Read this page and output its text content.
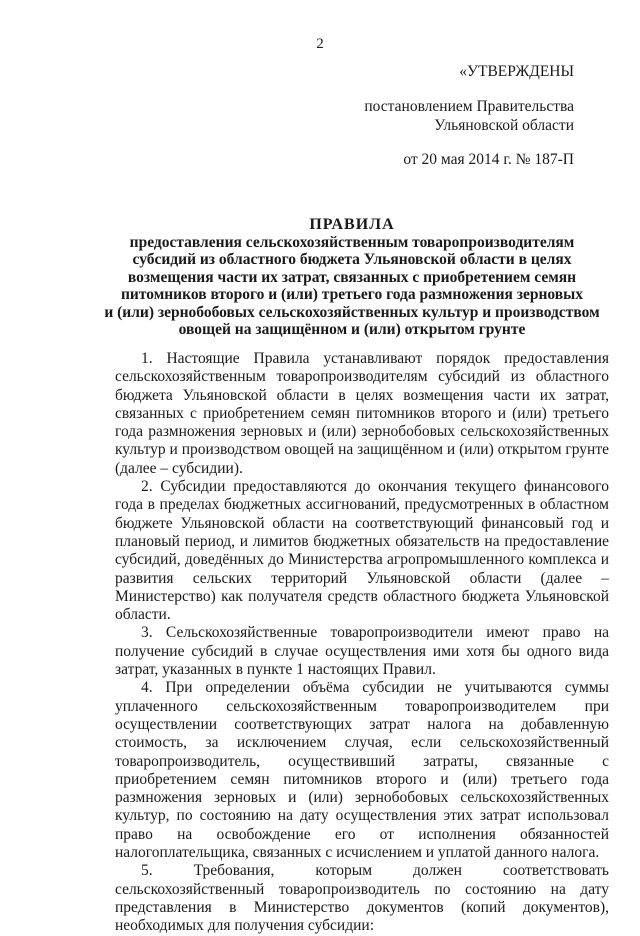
2
«УТВЕРЖДЕНЫ
постановлением Правительства
Ульяновской области
от 20 мая 2014 г. № 187-П
ПРАВИЛА
предоставления сельскохозяйственным товаропроизводителям
субсидий из областного бюджета Ульяновской области в целях
возмещения части их затрат, связанных с приобретением семян
питомников второго и (или) третьего года размножения зерновых
и (или) зернобобовых сельскохозяйственных культур и производством
овощей на защищённом и (или) открытом грунте

1. Настоящие Правила устанавливают порядок предоставления сельскохозяйственным товаропроизводителям субсидий из областного бюджета Ульяновской области в целях возмещения части их затрат, связанных с приобретением семян питомников второго и (или) третьего года размножения зерновых и (или) зернобобовых сельскохозяйственных культур и производством овощей на защищённом и (или) открытом грунте (далее – субсидии).

2. Субсидии предоставляются до окончания текущего финансового года в пределах бюджетных ассигнований, предусмотренных в областном бюджете Ульяновской области на соответствующий финансовый год и плановый период, и лимитов бюджетных обязательств на предоставление субсидий, доведённых до Министерства агропромышленного комплекса и развития сельских территорий Ульяновской области (далее – Министерство) как получателя средств областного бюджета Ульяновской области.

3. Сельскохозяйственные товаропроизводители имеют право на получение субсидий в случае осуществления ими хотя бы одного вида затрат, указанных в пункте 1 настоящих Правил.

4. При определении объёма субсидии не учитываются суммы уплаченного сельскохозяйственным товаропроизводителем при осуществлении соответствующих затрат налога на добавленную стоимость, за исключением случая, если сельскохозяйственный товаропроизводитель, осуществивший затраты, связанные с приобретением семян питомников второго и (или) третьего года размножения зерновых и (или) зернобобовых сельскохозяйственных культур, по состоянию на дату осуществления этих затрат использовал право на освобождение его от исполнения обязанностей налогоплательщика, связанных с исчислением и уплатой данного налога.

5. Требования, которым должен соответствовать сельскохозяйственный товаропроизводитель по состоянию на дату представления в Министерство документов (копий документов), необходимых для получения субсидии:
